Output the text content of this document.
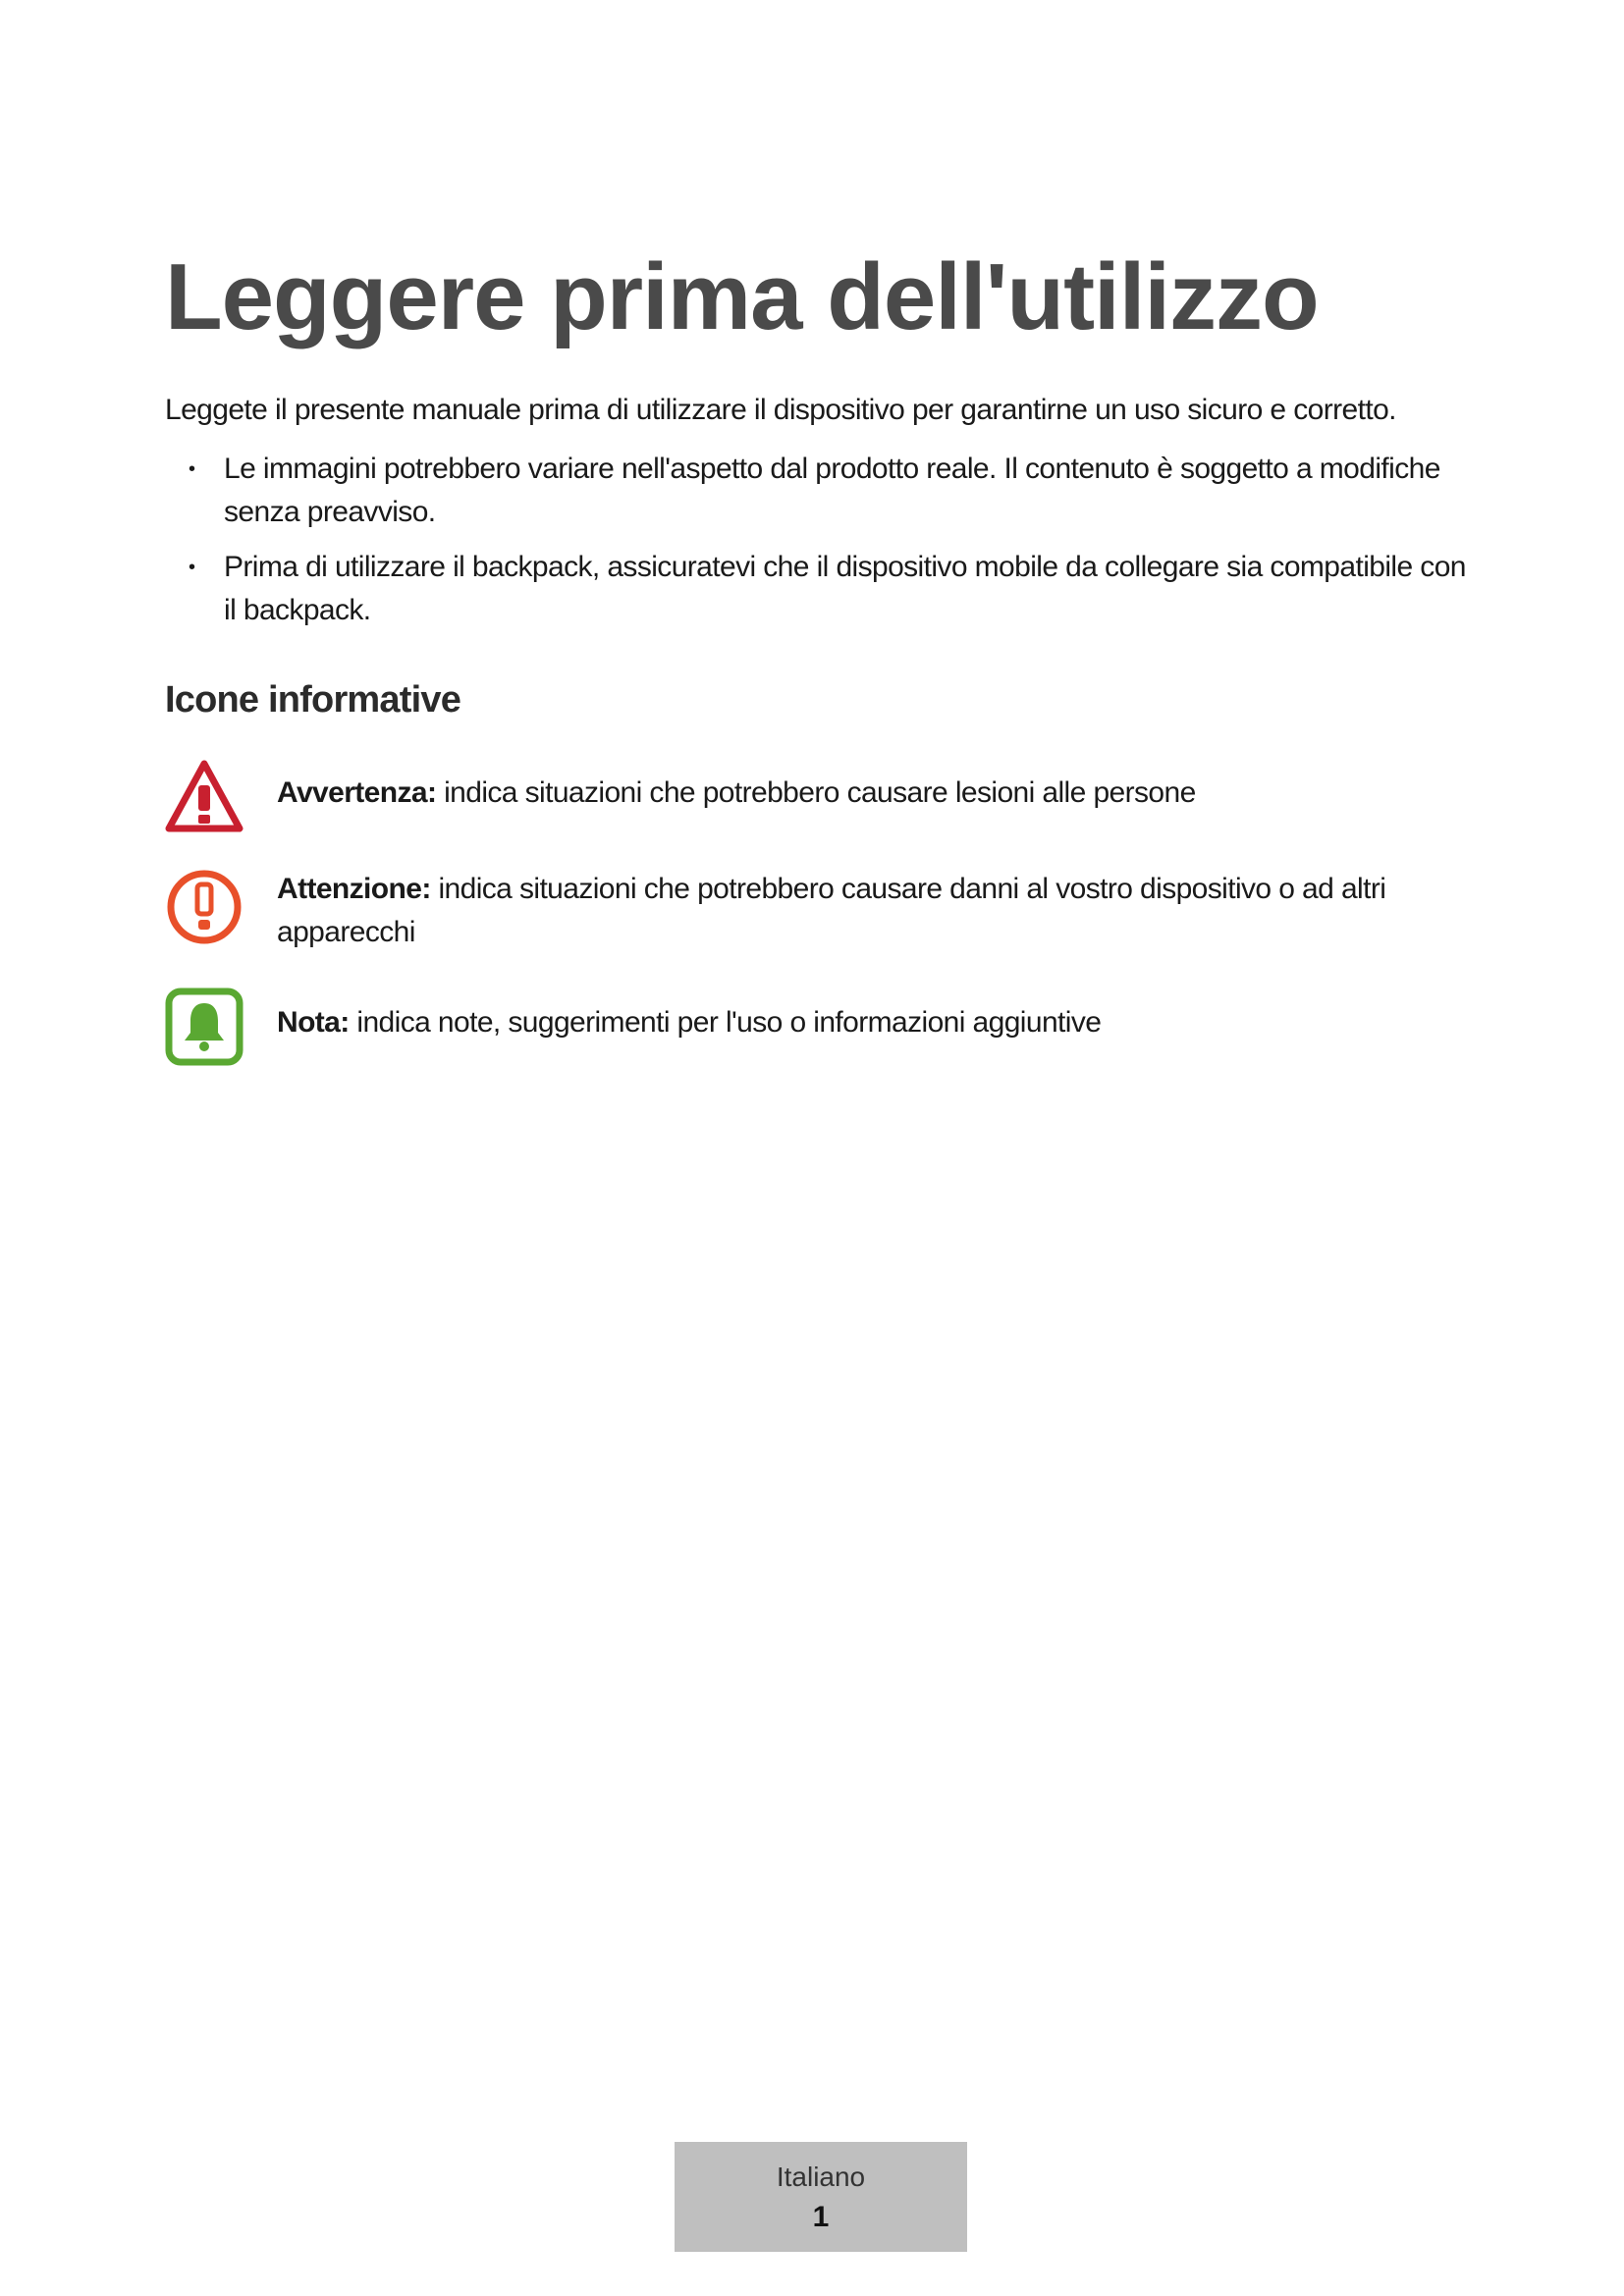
Leggere prima dell'utilizzo

Leggete il presente manuale prima di utilizzare il dispositivo per garantirne un uso sicuro e corretto.

• Le immagini potrebbero variare nell'aspetto dal prodotto reale. Il contenuto è soggetto a modifiche senza preavviso.
• Prima di utilizzare il backpack, assicuratevi che il dispositivo mobile da collegare sia compatibile con il backpack.
Icone informative

Avvertenza: indica situazioni che potrebbero causare lesioni alle persone

Attenzione: indica situazioni che potrebbero causare danni al vostro dispositivo o ad altri apparecchi

Nota: indica note, suggerimenti per l'uso o informazioni aggiuntive

Italiano
1
